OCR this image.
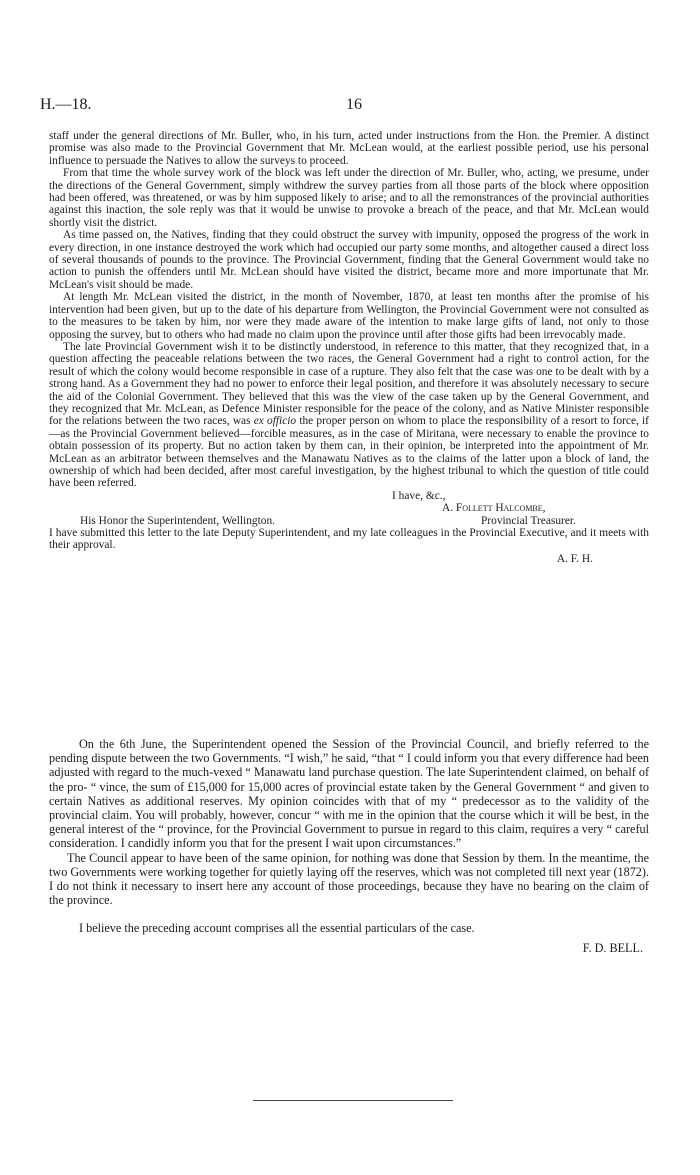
H.—18.	16

staff under the general directions of Mr. Buller, who, in his turn, acted under instructions from the Hon. the Premier. A distinct promise was also made to the Provincial Government that Mr. McLean would, at the earliest possible period, use his personal influence to persuade the Natives to allow the surveys to proceed.

From that time the whole survey work of the block was left under the direction of Mr. Buller, who, acting, we presume, under the directions of the General Government, simply withdrew the survey parties from all those parts of the block where opposition had been offered, was threatened, or was by him supposed likely to arise; and to all the remonstrances of the provincial authorities against this inaction, the sole reply was that it would be unwise to provoke a breach of the peace, and that Mr. McLean would shortly visit the district.

As time passed on, the Natives, finding that they could obstruct the survey with impunity, opposed the progress of the work in every direction, in one instance destroyed the work which had occupied our party some months, and altogether caused a direct loss of several thousands of pounds to the province. The Provincial Government, finding that the General Government would take no action to punish the offenders until Mr. McLean should have visited the district, became more and more importunate that Mr. McLean's visit should be made.

At length Mr. McLean visited the district, in the month of November, 1870, at least ten months after the promise of his intervention had been given, but up to the date of his departure from Wellington, the Provincial Government were not consulted as to the measures to be taken by him, nor were they made aware of the intention to make large gifts of land, not only to those opposing the survey, but to others who had made no claim upon the province until after those gifts had been irrevocably made.

The late Provincial Government wish it to be distinctly understood, in reference to this matter, that they recognized that, in a question affecting the peaceable relations between the two races, the General Government had a right to control action, for the result of which the colony would become responsible in case of a rupture. They also felt that the case was one to be dealt with by a strong hand. As a Government they had no power to enforce their legal position, and therefore it was absolutely necessary to secure the aid of the Colonial Government. They believed that this was the view of the case taken up by the General Government, and they recognized that Mr. McLean, as Defence Minister responsible for the peace of the colony, and as Native Minister responsible for the relations between the two races, was ex officio the proper person on whom to place the responsibility of a resort to force, if—as the Provincial Government believed—forcible measures, as in the case of Miritana, were necessary to enable the province to obtain possession of its property. But no action taken by them can, in their opinion, be interpreted into the appointment of Mr. McLean as an arbitrator between themselves and the Manawatu Natives as to the claims of the latter upon a block of land, the ownership of which had been decided, after most careful investigation, by the highest tribunal to which the question of title could have been referred.

I have, &c.,
A. Follett Halcombe,
Provincial Treasurer.
His Honor the Superintendent, Wellington.

I have submitted this letter to the late Deputy Superintendent, and my late colleagues in the Provincial Executive, and it meets with their approval.

A. F. H.

On the 6th June, the Superintendent opened the Session of the Provincial Council, and briefly referred to the pending dispute between the two Governments. “I wish,” he said, “that “ I could inform you that every difference had been adjusted with regard to the much-vexed “ Manawatu land purchase question. The late Superintendent claimed, on behalf of the pro- “ vince, the sum of £15,000 for 15,000 acres of provincial estate taken by the General Government “ and given to certain Natives as additional reserves. My opinion coincides with that of my “ predecessor as to the validity of the provincial claim. You will probably, however, concur “ with me in the opinion that the course which it will be best, in the general interest of the “ province, for the Provincial Government to pursue in regard to this claim, requires a very “ careful consideration. I candidly inform you that for the present I wait upon circumstances.”

The Council appear to have been of the same opinion, for nothing was done that Session by them. In the meantime, the two Governments were working together for quietly laying off the reserves, which was not completed till next year (1872). I do not think it necessary to insert here any account of those proceedings, because they have no bearing on the claim of the province.

I believe the preceding account comprises all the essential particulars of the case.

F. D. BELL.
